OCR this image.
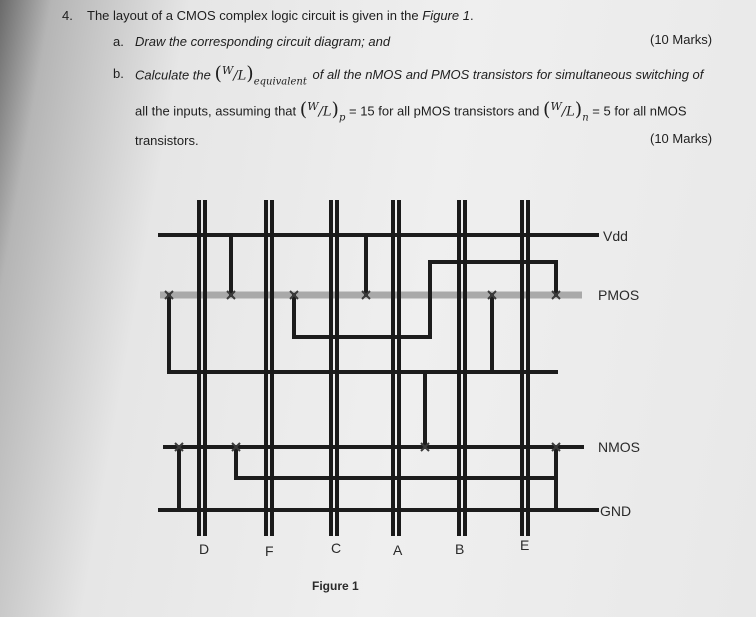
4. The layout of a CMOS complex logic circuit is given in the Figure 1.
a. Draw the corresponding circuit diagram; and	(10 Marks)
b. Calculate the $(^W/L)_{equivalent}$ of all the nMOS and PMOS transistors for simultaneous switching of
all the inputs, assuming that $(^W/L)_p = 15$ for all pMOS transistors and $(^W/L)_n = 5$ for all nMOS
transistors.	(10 Marks)
Vdd
PMOS
NMOS
GND
D	F	C	A	B	E
Figure 1
